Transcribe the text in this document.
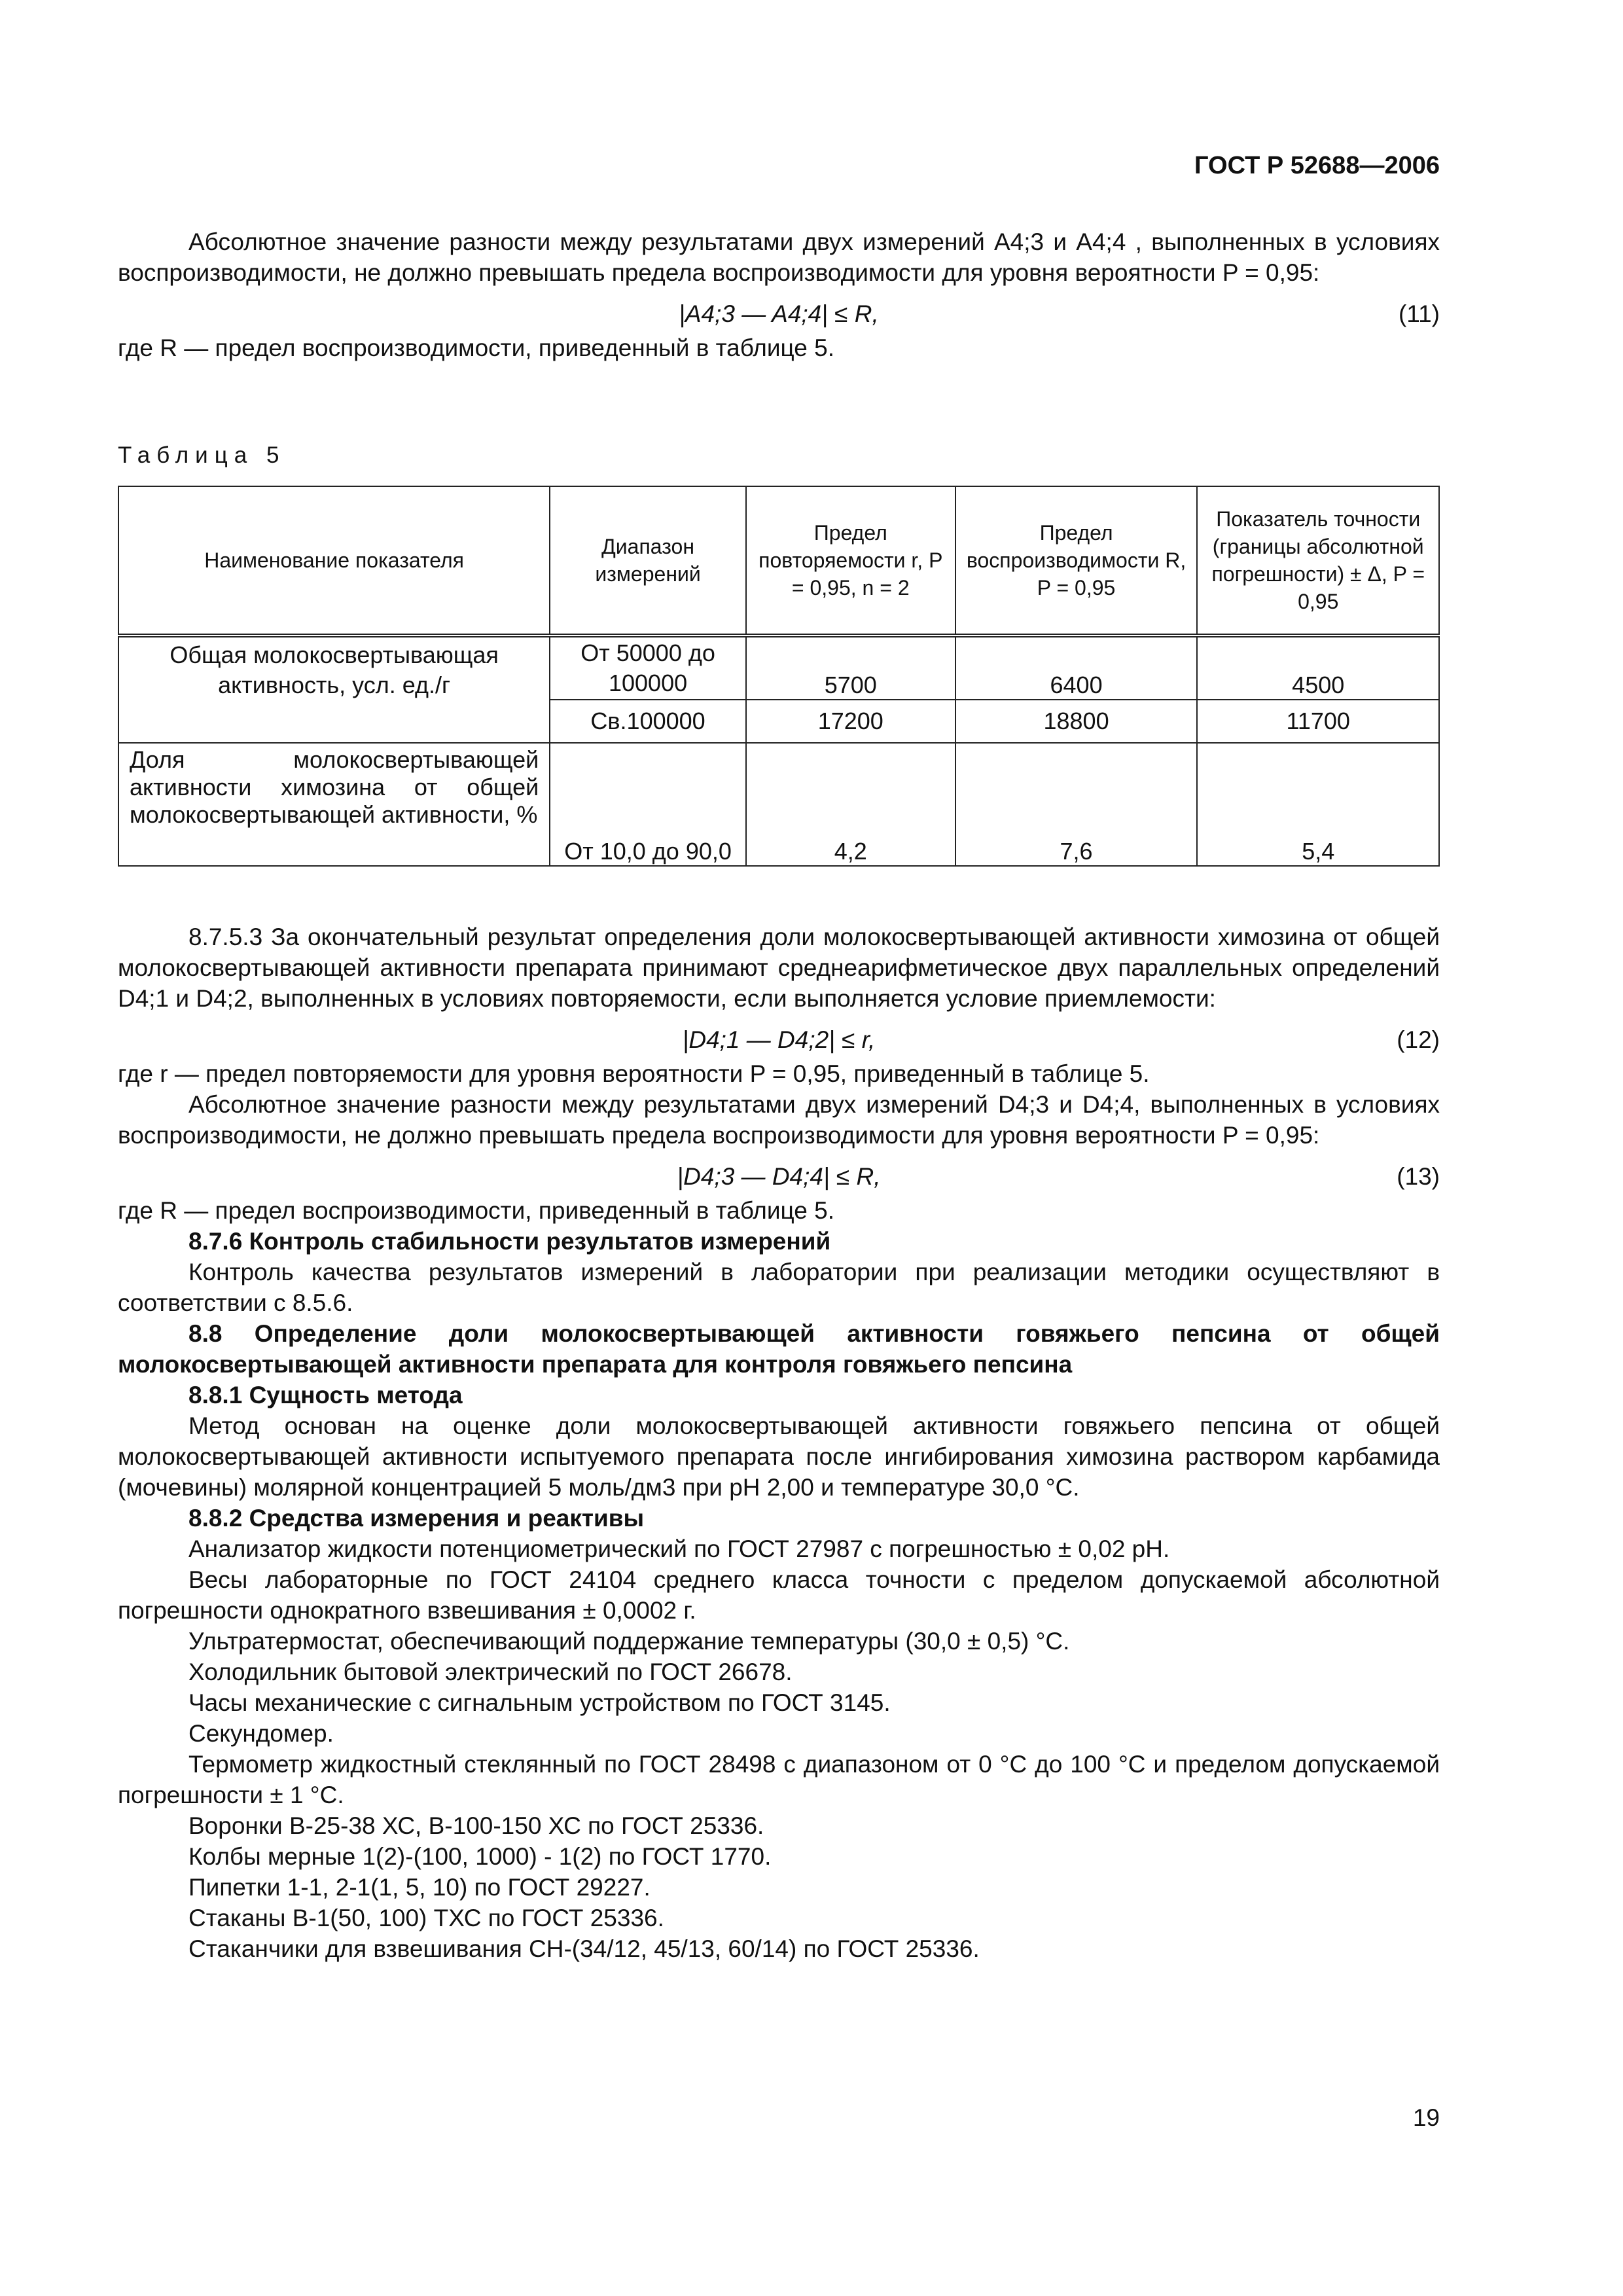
ГОСТ Р 52688—2006

Абсолютное значение разности между результатами двух измерений A4;3 и A4;4 , выполненных в условиях воспроизводимости, не должно превышать предела воспроизводимости для уровня вероятности P = 0,95:

|A4;3 — A4;4| ≤ R,	(11)

где R — предел воспроизводимости, приведенный в таблице 5.

Таблица 5

Наименование показателя	Диапазон измерений	Предел повторяемости r, P = 0,95, n = 2	Предел воспроизводимости R, P = 0,95	Показатель точности (границы абсолютной погрешности) ± Δ, P = 0,95
Общая молокосвертывающая активность, усл. ед./г	От 50000 до 100000	5700	6400	4500
	Св.100000	17200	18800	11700
Доля молокосвертывающей активности химозина от общей молокосвертывающей активности, %	От 10,0 до 90,0	4,2	7,6	5,4

8.7.5.3 За окончательный результат определения доли молокосвертывающей активности химозина от общей молокосвертывающей активности препарата принимают среднеарифметическое двух параллельных определений D4;1 и D4;2, выполненных в условиях повторяемости, если выполняется условие приемлемости:

|D4;1 — D4;2| ≤ r,	(12)

где r — предел повторяемости для уровня вероятности P = 0,95, приведенный в таблице 5.

Абсолютное значение разности между результатами двух измерений D4;3 и D4;4, выполненных в условиях воспроизводимости, не должно превышать предела воспроизводимости для уровня вероятности P = 0,95:

|D4;3 — D4;4| ≤ R,	(13)

где R — предел воспроизводимости, приведенный в таблице 5.

8.7.6 Контроль стабильности результатов измерений

Контроль качества результатов измерений в лаборатории при реализации методики осуществляют в соответствии с 8.5.6.

8.8 Определение доли молокосвертывающей активности говяжьего пепсина от общей молокосвертывающей активности препарата для контроля говяжьего пепсина

8.8.1 Сущность метода

Метод основан на оценке доли молокосвертывающей активности говяжьего пепсина от общей молокосвертывающей активности испытуемого препарата после ингибирования химозина раствором карбамида (мочевины) молярной концентрацией 5 моль/дм3 при pH 2,00 и температуре 30,0 °С.

8.8.2 Средства измерения и реактивы

Анализатор жидкости потенциометрический по ГОСТ 27987 с погрешностью ± 0,02 pH.

Весы лабораторные по ГОСТ 24104 среднего класса точности с пределом допускаемой абсолютной погрешности однократного взвешивания ± 0,0002 г.

Ультратермостат, обеспечивающий поддержание температуры (30,0 ± 0,5) °С.

Холодильник бытовой электрический по ГОСТ 26678.

Часы механические с сигнальным устройством по ГОСТ 3145.

Секундомер.

Термометр жидкостный стеклянный по ГОСТ 28498 с диапазоном от 0 °С до 100 °С и пределом допускаемой погрешности ± 1 °С.

Воронки В-25-38 ХС, В-100-150 ХС по ГОСТ 25336.

Колбы мерные 1(2)-(100, 1000) - 1(2) по ГОСТ 1770.

Пипетки 1-1, 2-1(1, 5, 10) по ГОСТ 29227.

Стаканы В-1(50, 100) ТХС по ГОСТ 25336.

Стаканчики для взвешивания СН-(34/12, 45/13, 60/14) по ГОСТ 25336.

19
